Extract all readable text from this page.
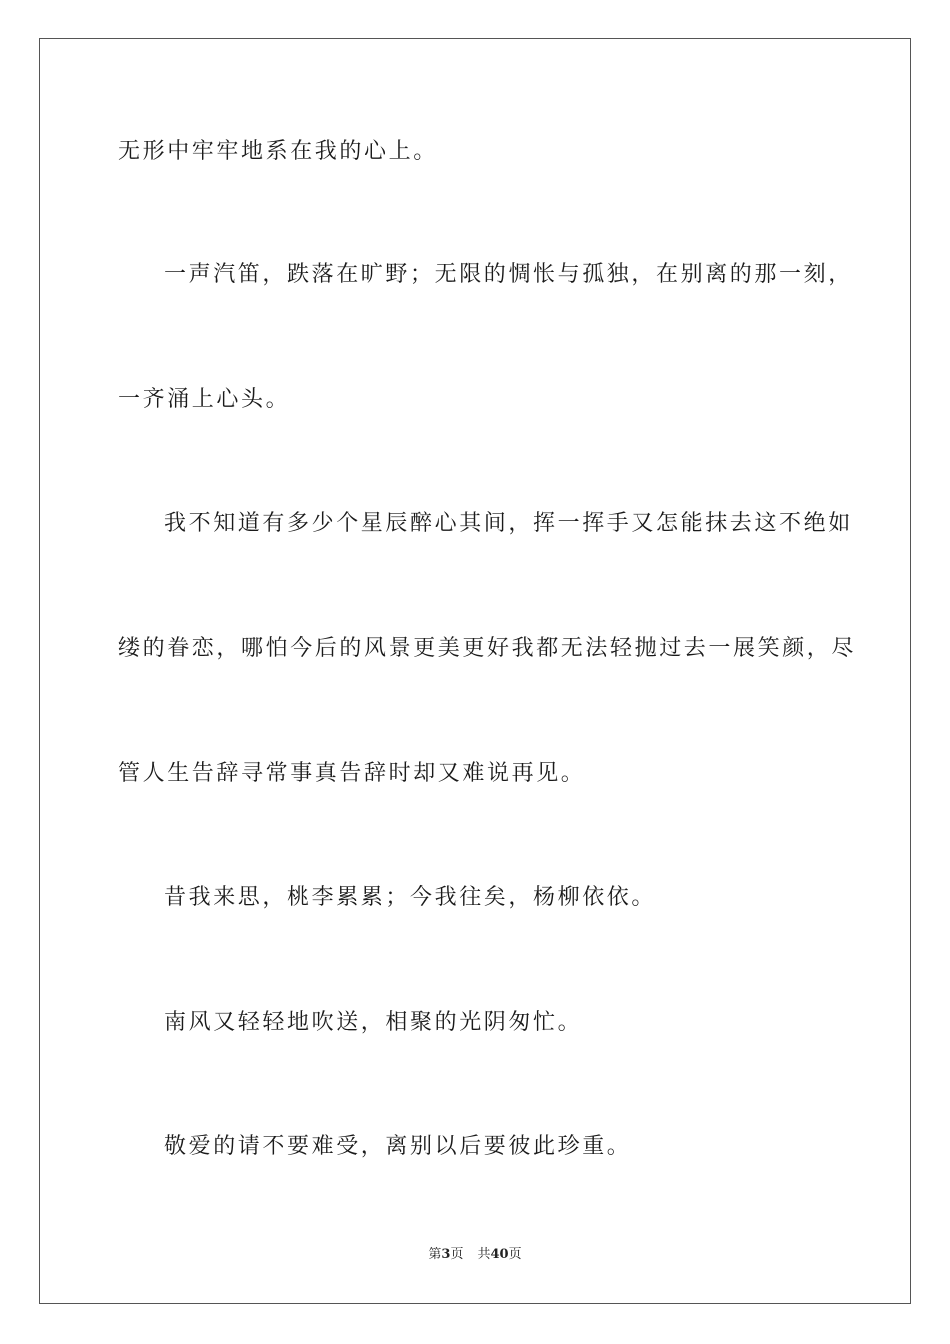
无形中牢牢地系在我的心上。
一声汽笛，跌落在旷野；无限的惆怅与孤独，在别离的那一刻，
一齐涌上心头。
我不知道有多少个星辰醉心其间，挥一挥手又怎能抹去这不绝如
缕的眷恋，哪怕今后的风景更美更好我都无法轻抛过去一展笑颜，尽
管人生告辞寻常事真告辞时却又难说再见。
昔我来思，桃李累累；今我往矣，杨柳依依。
南风又轻轻地吹送，相聚的光阴匆忙。
敬爱的请不要难受，离别以后要彼此珍重。
第3页 共40页
